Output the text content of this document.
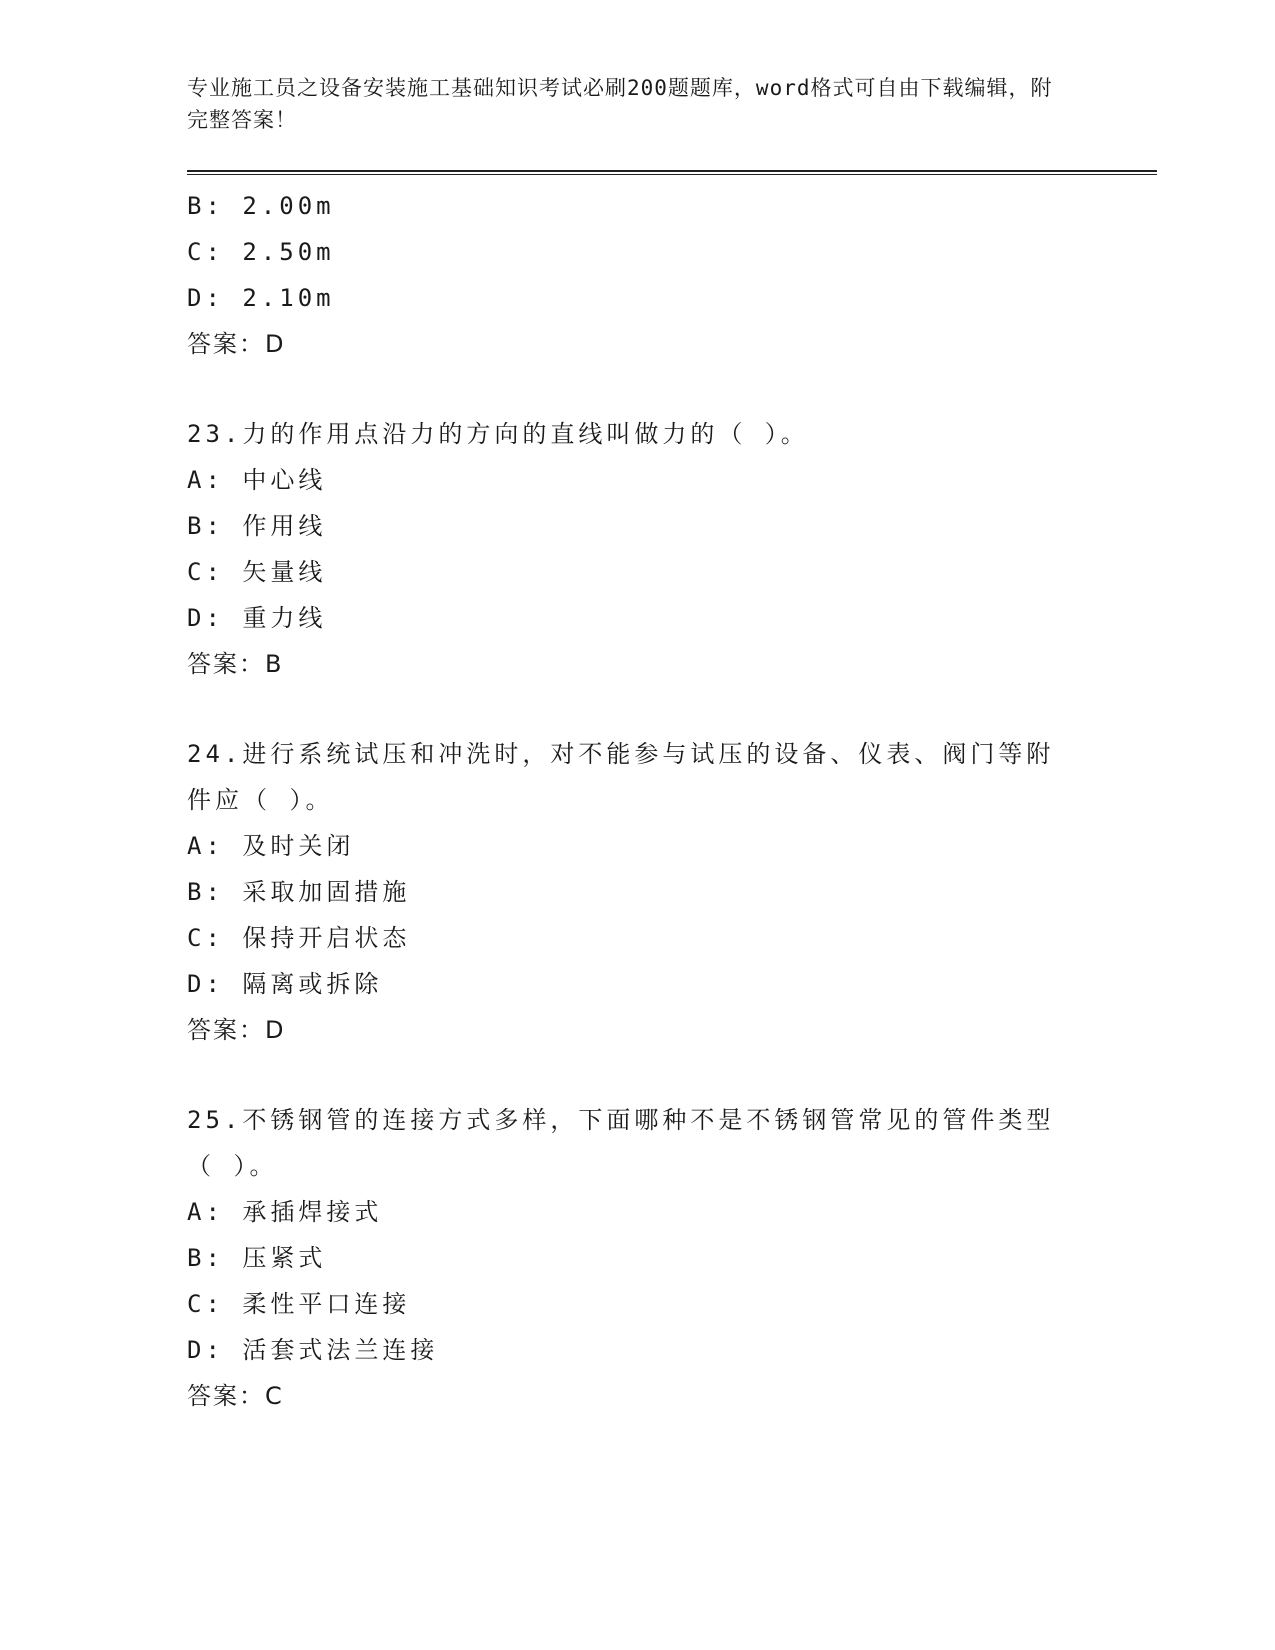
专业施工员之设备安装施工基础知识考试必刷200题题库，word格式可自由下载编辑，附完整答案！
B: 2.00m
C: 2.50m
D: 2.10m
答案：D
23.力的作用点沿力的方向的直线叫做力的（ ）。
A: 中心线
B: 作用线
C: 矢量线
D: 重力线
答案：B
24.进行系统试压和冲洗时，对不能参与试压的设备、仪表、阀门等附件应（ ）。
A: 及时关闭
B: 采取加固措施
C: 保持开启状态
D: 隔离或拆除
答案：D
25.不锈钢管的连接方式多样，下面哪种不是不锈钢管常见的管件类型（ ）。
A: 承插焊接式
B: 压紧式
C: 柔性平口连接
D: 活套式法兰连接
答案：C
